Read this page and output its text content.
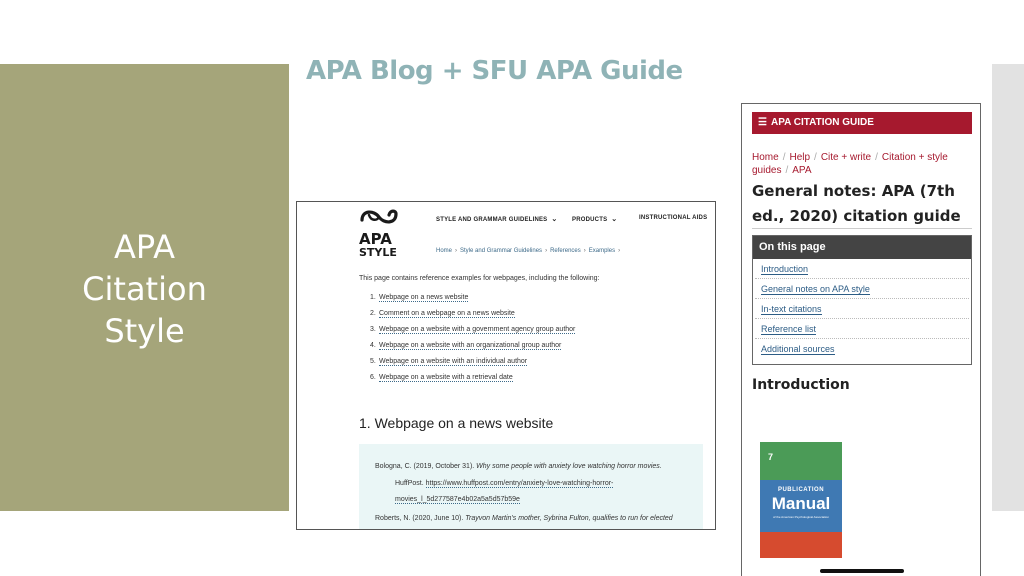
APA
Citation
Style
APA Blog + SFU APA Guide
APA
STYLE
STYLE AND GRAMMAR GUIDELINES ⌄ PRODUCTS ⌄	INSTRUCTIONAL AIDS
Home › Style and Grammar Guidelines › References › Examples ›
This page contains reference examples for webpages, including the following:
1. Webpage on a news website
2. Comment on a webpage on a news website
3. Webpage on a website with a government agency group author
4. Webpage on a website with an organizational group author
5. Webpage on a website with an individual author
6. Webpage on a website with a retrieval date
1. Webpage on a news website
Bologna, C. (2019, October 31). Why some people with anxiety love watching horror movies.
HuffPost. https://www.huffpost.com/entry/anxiety-love-watching-horror-
movies_l_5d277587e4b02a5a5d57b59e
Roberts, N. (2020, June 10). Trayvon Martin's mother, Sybrina Fulton, qualifies to run for elected
☰ APA CITATION GUIDE
Home / Help / Cite + write / Citation + style guides / APA
General notes: APA (7th ed., 2020) citation guide
On this page
Introduction
General notes on APA style
In-text citations
Reference list
Additional sources
Introduction
7
PUBLICATION
Manual
of the American Psychological Association
